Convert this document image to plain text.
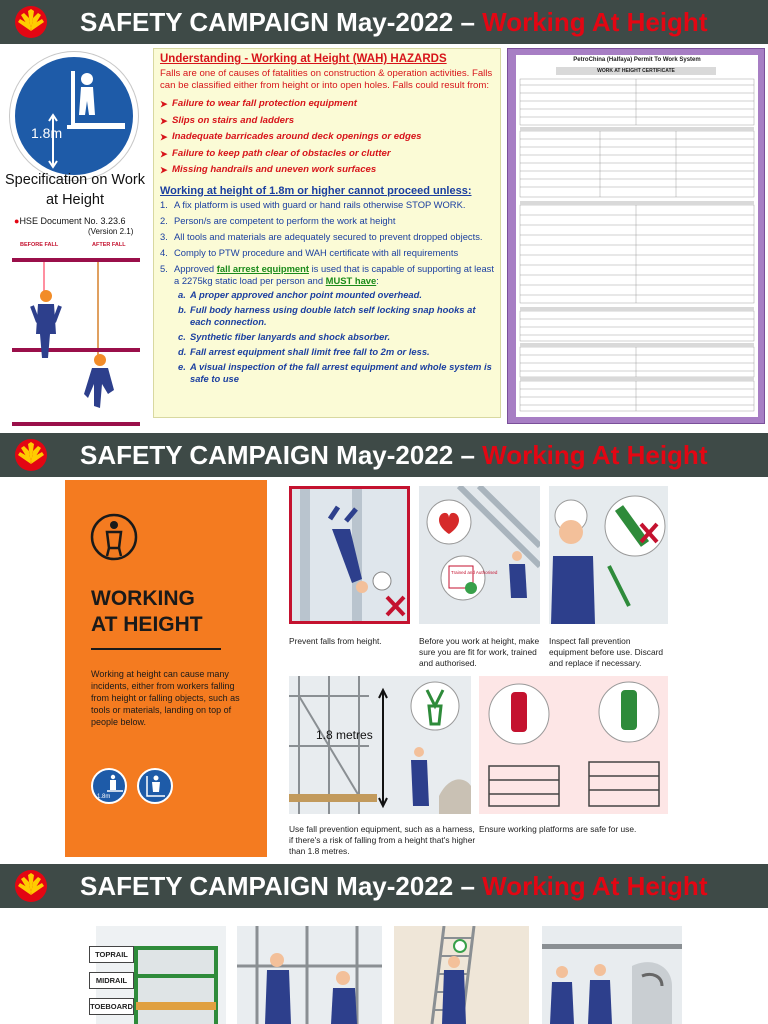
SAFETY CAMPAIGN May-2022 – Working At Height
1.8m
Specification on Work at Height
●HSE Document No. 3.23.6
(Version 2.1)
BEFORE FALL	AFTER FALL
Understanding - Working at Height (WAH) HAZARDS
Falls are one of causes of fatalities on construction & operation activities. Falls can be classified either from height or into open holes. Falls could result from:
➤ Failure to wear fall protection equipment
➤ Slips on stairs and ladders
➤ Inadequate barricades around deck openings or edges
➤ Failure to keep path clear of obstacles or clutter
➤ Missing handrails and uneven work surfaces
Working at height of 1.8m or higher cannot proceed unless:
1. A fix platform is used with guard or hand rails otherwise STOP WORK.
2. Person/s are competent to perform the work at height
3. All tools and materials are adequately secured to prevent dropped objects.
4. Comply to PTW procedure and WAH certificate with all requirements
5. Approved fall arrest equipment is used that is capable of supporting at least a 2275kg static load per person and MUST have:
a. A proper approved anchor point mounted overhead.
b. Full body harness using double latch self locking snap hooks at each connection.
c. Synthetic fiber lanyards and shock absorber.
d. Fall arrest equipment shall limit free fall to 2m or less.
e. A visual inspection of the fall arrest equipment and whole system is safe to use
PetroChina (Halfaya) Permit To Work System
WORK AT HEIGHT CERTIFICATE
SAFETY CAMPAIGN May-2022 – Working At Height
WORKING
AT HEIGHT
Working at height can cause many incidents, either from workers falling from height or falling objects, such as tools or materials, landing on top of people below.
1.8m
Prevent falls from height.
Trained and Authorised
Before you work at height, make sure you are fit for work, trained and authorised.
Inspect fall prevention equipment before use. Discard and replace if necessary.
1.8 metres
Use fall prevention equipment, such as a harness, if there's a risk of falling from a height that's higher than 1.8 metres.
Ensure working platforms are safe for use.
SAFETY CAMPAIGN May-2022 – Working At Height
TOPRAIL
MIDRAIL
TOEBOARD
